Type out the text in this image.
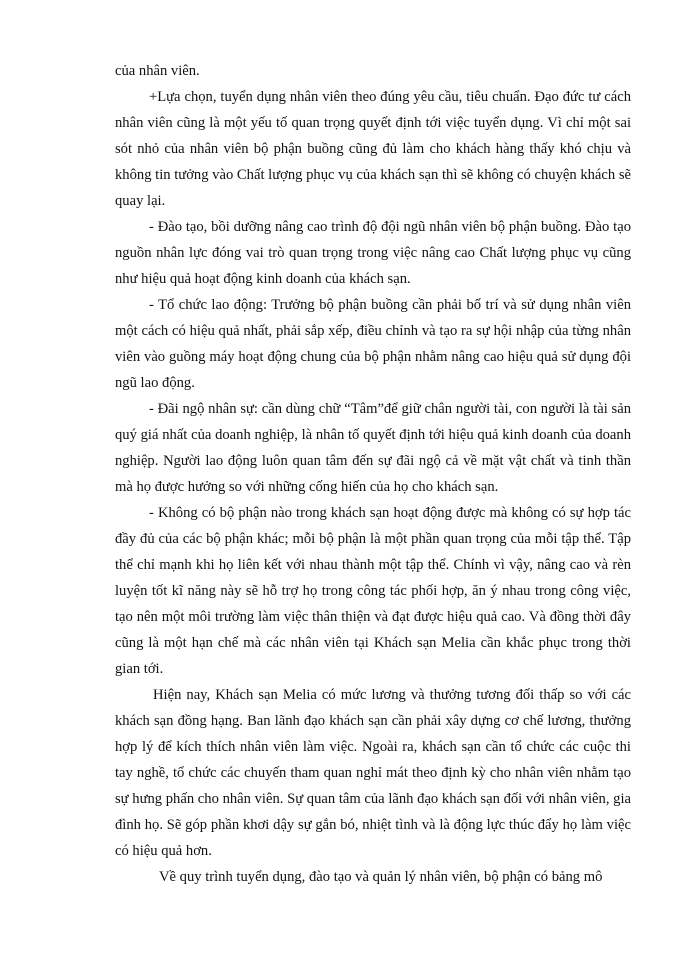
của nhân viên.

+Lựa chọn, tuyển dụng nhân viên theo đúng yêu cầu, tiêu chuẩn. Đạo đức tư cách nhân viên cũng là một yếu tố quan trọng quyết định tới việc tuyển dụng. Vì chỉ một sai sót nhỏ của nhân viên bộ phận buồng cũng đủ làm cho khách hàng thấy khó chịu và không tin tưởng vào Chất lượng phục vụ của khách sạn thì sẽ không có chuyện khách sẽ quay lại.

- Đào tạo, bồi dưỡng nâng cao trình độ đội ngũ nhân viên bộ phận buồng. Đào tạo nguồn nhân lực đóng vai trò quan trọng trong việc nâng cao Chất lượng phục vụ cũng như hiệu quả hoạt động kinh doanh của khách sạn.

- Tổ chức lao động: Trưởng bộ phận buồng cần phải bố trí và sử dụng nhân viên một cách có hiệu quả nhất, phải sắp xếp, điều chỉnh và tạo ra sự hội nhập của từng nhân viên vào guồng máy hoạt động chung của bộ phận nhằm nâng cao hiệu quả sử dụng đội ngũ lao động.

- Đãi ngộ nhân sự: cần dùng chữ “Tâm”để giữ chân người tài, con người là tài sản quý giá nhất của doanh nghiệp, là nhân tố quyết định tới hiệu quả kinh doanh của doanh nghiệp. Người lao động luôn quan tâm đến sự đãi ngộ cả về mặt vật chất và tinh thần mà họ được hưởng so với những cống hiến của họ cho khách sạn.

- Không có bộ phận nào trong khách sạn hoạt động được mà không có sự hợp tác đầy đủ của các bộ phận khác; mỗi bộ phận là một phần quan trọng của mỗi tập thể. Tập thể chỉ mạnh khi họ liên kết với nhau thành một tập thể. Chính vì vậy, nâng cao và rèn luyện tốt kĩ năng này sẽ hỗ trợ họ trong công tác phối hợp, ăn ý nhau trong công việc, tạo nên một môi trường làm việc thân thiện và đạt được hiệu quả cao. Và đồng thời đây cũng là một hạn chế mà các nhân viên tại Khách sạn Melia cần khắc phục trong thời gian tới.

Hiện nay, Khách sạn Melia có mức lương và thưởng tương đối thấp so với các khách sạn đồng hạng. Ban lãnh đạo khách sạn cần phải xây dựng cơ chế lương, thưởng hợp lý để kích thích nhân viên làm việc. Ngoài ra, khách sạn cần tổ chức các cuộc thi tay nghề, tổ chức các chuyến tham quan nghỉ mát theo định kỳ cho nhân viên nhằm tạo sự hưng phấn cho nhân viên. Sự quan tâm của lãnh đạo khách sạn đối với nhân viên, gia đình họ. Sẽ góp phần khơi dậy sự gắn bó, nhiệt tình và là động lực thúc đẩy họ làm việc có hiệu quả hơn.

Về quy trình tuyển dụng, đào tạo và quản lý nhân viên, bộ phận có bảng mô
